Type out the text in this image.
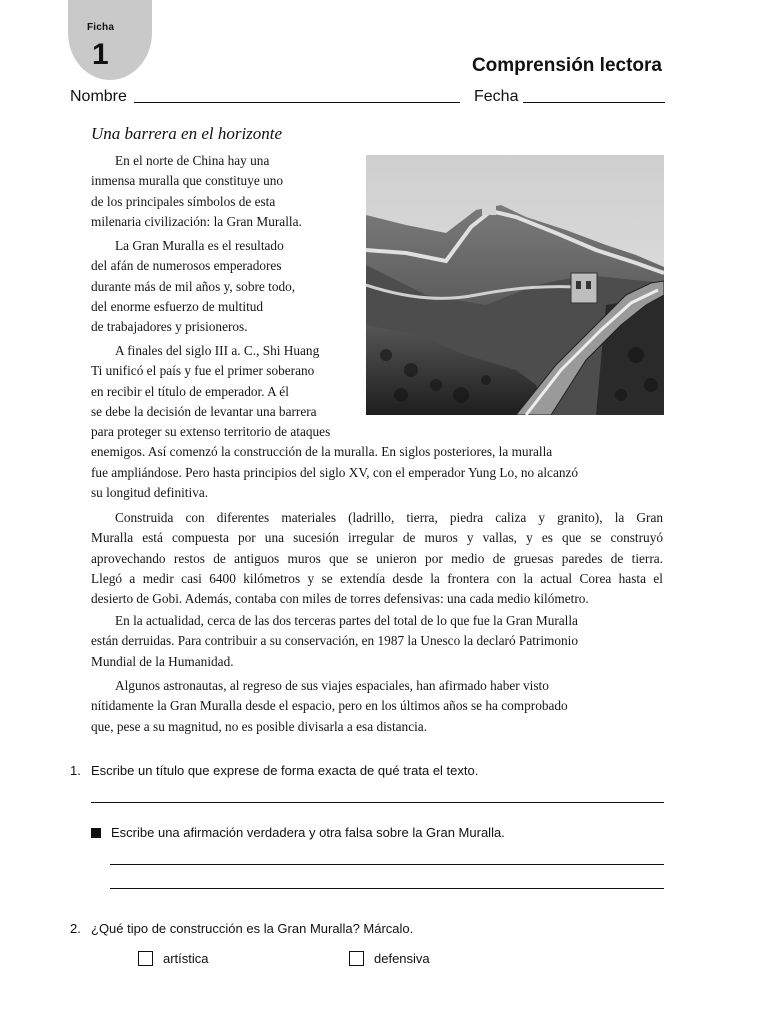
Ficha
1	Comprensión lectora
Nombre	Fecha
Una barrera en el horizonte
En el norte de China hay una
inmensa muralla que constituye uno
de los principales símbolos de esta
milenaria civilización: la Gran Muralla.
La Gran Muralla es el resultado
del afán de numerosos emperadores
durante más de mil años y, sobre todo,
del enorme esfuerzo de multitud
de trabajadores y prisioneros.
A finales del siglo III a. C., Shi Huang
Ti unificó el país y fue el primer soberano
en recibir el título de emperador. A él
se debe la decisión de levantar una barrera
para proteger su extenso territorio de ataques
enemigos. Así comenzó la construcción de la muralla. En siglos posteriores, la muralla
fue ampliándose. Pero hasta principios del siglo XV, con el emperador Yung Lo, no alcanzó
su longitud definitiva.
Construida con diferentes materiales (ladrillo, tierra, piedra caliza y granito), la Gran
Muralla está compuesta por una sucesión irregular de muros y vallas, y es que se construyó
aprovechando restos de antiguos muros que se unieron por medio de gruesas paredes de tierra.
Llegó a medir casi 6400 kilómetros y se extendía desde la frontera con la actual Corea hasta el
desierto de Gobi. Además, contaba con miles de torres defensivas: una cada medio kilómetro.
En la actualidad, cerca de las dos terceras partes del total de lo que fue la Gran Muralla
están derruidas. Para contribuir a su conservación, en 1987 la Unesco la declaró Patrimonio
Mundial de la Humanidad.
Algunos astronautas, al regreso de sus viajes espaciales, han afirmado haber visto
nítidamente la Gran Muralla desde el espacio, pero en los últimos años se ha comprobado
que, pese a su magnitud, no es posible divisarla a esa distancia.
1. Escribe un título que exprese de forma exacta de qué trata el texto.
Escribe una afirmación verdadera y otra falsa sobre la Gran Muralla.
2. ¿Qué tipo de construcción es la Gran Muralla? Márcalo.
artística	defensiva
